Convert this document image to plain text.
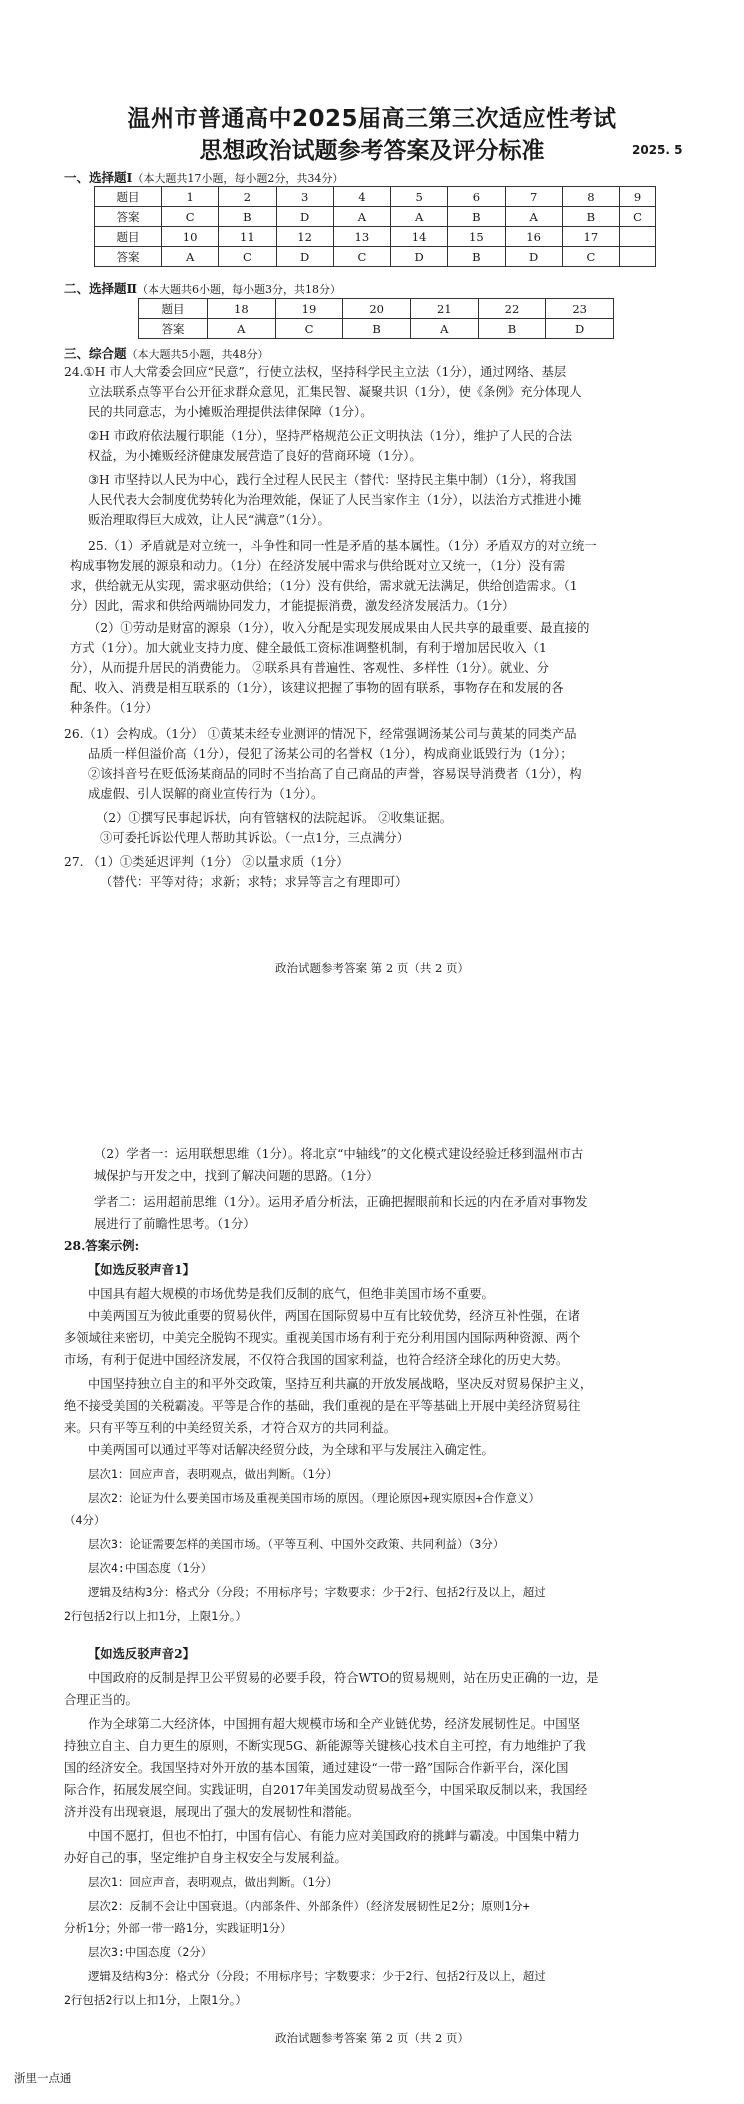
温州市普通高中2025届高三第三次适应性考试
思想政治试题参考答案及评分标准	2025. 5
一、选择题Ⅰ（本大题共17小题，每小题2分，共34分）
题目	1	2	3	4	5	6	7	8	9
答案	C	B	D	A	A	B	A	B	C
题目	10	11	12	13	14	15	16	17	
答案	A	C	D	C	D	B	D	C	
二、选择题Ⅱ（本大题共6小题，每小题3分，共18分）
题目	18	19	20	21	22	23
答案	A	C	B	A	B	D
三、综合题（本大题共5小题，共48分）
24.①H 市人大常委会回应“民意”，行使立法权，坚持科学民主立法（1分），通过网络、基层
立法联系点等平台公开征求群众意见，汇集民智、凝聚共识（1分），使《条例》充分体现人
民的共同意志，为小摊贩治理提供法律保障（1分）。
②H 市政府依法履行职能（1分），坚持严格规范公正文明执法（1分），维护了人民的合法
权益，为小摊贩经济健康发展营造了良好的营商环境（1分）。
③H 市坚持以人民为中心，践行全过程人民民主（替代：坚持民主集中制）（1分），将我国
人民代表大会制度优势转化为治理效能，保证了人民当家作主（1分），以法治方式推进小摊
贩治理取得巨大成效，让人民“满意”（1分）。
25.（1）矛盾就是对立统一，斗争性和同一性是矛盾的基本属性。（1分）矛盾双方的对立统一
构成事物发展的源泉和动力。（1分）在经济发展中需求与供给既对立又统一，（1分）没有需
求，供给就无从实现，需求驱动供给；（1分）没有供给，需求就无法满足，供给创造需求。（1
分）因此，需求和供给两端协同发力，才能提振消费，激发经济发展活力。（1分）
（2）①劳动是财富的源泉（1分），收入分配是实现发展成果由人民共享的最重要、最直接的
方式（1分）。加大就业支持力度、健全最低工资标准调整机制，有利于增加居民收入（1
分），从而提升居民的消费能力。 ②联系具有普遍性、客观性、多样性（1分）。就业、分
配、收入、消费是相互联系的（1分），该建议把握了事物的固有联系，事物存在和发展的各
种条件。（1分）
26.（1）会构成。（1分） ①黄某未经专业测评的情况下，经常强调汤某公司与黄某的同类产品
品质一样但溢价高（1分），侵犯了汤某公司的名誉权（1分），构成商业诋毁行为（1分）；
②该抖音号在贬低汤某商品的同时不当抬高了自己商品的声誉，容易误导消费者（1分），构
成虚假、引人误解的商业宣传行为（1分）。
（2）①撰写民事起诉状，向有管辖权的法院起诉。 ②收集证据。
③可委托诉讼代理人帮助其诉讼。（一点1分，三点满分）
27. （1）①类延迟评判（1分） ②以量求质（1分）
（替代：平等对待；求新；求特；求异等言之有理即可）
政治试题参考答案 第 2 页（共 2 页）
（2）学者一：运用联想思维（1分）。将北京“中轴线”的文化模式建设经验迁移到温州市古
城保护与开发之中，找到了解决问题的思路。（1分）
学者二：运用超前思维（1分）。运用矛盾分析法，正确把握眼前和长远的内在矛盾对事物发
展进行了前瞻性思考。（1分）
28.答案示例:
【如选反驳声音1】
中国具有超大规模的市场优势是我们反制的底气，但绝非美国市场不重要。
中美两国互为彼此重要的贸易伙伴，两国在国际贸易中互有比较优势，经济互补性强，在诸
多领域往来密切，中美完全脱钩不现实。重视美国市场有利于充分利用国内国际两种资源、两个
市场，有利于促进中国经济发展，不仅符合我国的国家利益，也符合经济全球化的历史大势。
中国坚持独立自主的和平外交政策，坚持互利共赢的开放发展战略，坚决反对贸易保护主义，
绝不接受美国的关税霸凌。平等是合作的基础，我们重视的是在平等基础上开展中美经济贸易往
来。只有平等互利的中美经贸关系，才符合双方的共同利益。
中美两国可以通过平等对话解决经贸分歧，为全球和平与发展注入确定性。
层次1：回应声音，表明观点，做出判断。（1分）
层次2：论证为什么要美国市场及重视美国市场的原因。（理论原因+现实原因+合作意义）
（4分）
层次3：论证需要怎样的美国市场。（平等互利、中国外交政策、共同利益）（3分）
层次4:中国态度（1分）
逻辑及结构3分：格式分（分段；不用标序号；字数要求：少于2行、包括2行及以上，超过
2行包括2行以上扣1分，上限1分。）
【如选反驳声音2】
中国政府的反制是捍卫公平贸易的必要手段，符合WTO的贸易规则，站在历史正确的一边，是
合理正当的。
作为全球第二大经济体，中国拥有超大规模市场和全产业链优势，经济发展韧性足。中国坚
持独立自主、自力更生的原则，不断实现5G、新能源等关键核心技术自主可控，有力地维护了我
国的经济安全。我国坚持对外开放的基本国策，通过建设“一带一路”国际合作新平台，深化国
际合作，拓展发展空间。实践证明，自2017年美国发动贸易战至今，中国采取反制以来，我国经
济并没有出现衰退，展现出了强大的发展韧性和潜能。
中国不愿打，但也不怕打，中国有信心、有能力应对美国政府的挑衅与霸凌。中国集中精力
办好自己的事，坚定维护自身主权安全与发展利益。
层次1：回应声音，表明观点，做出判断。（1分）
层次2：反制不会让中国衰退。（内部条件、外部条件）（经济发展韧性足2分；原则1分+
分析1分；外部一带一路1分，实践证明1分）
层次3:中国态度（2分）
逻辑及结构3分：格式分（分段；不用标序号；字数要求：少于2行、包括2行及以上，超过
2行包括2行以上扣1分，上限1分。）
政治试题参考答案 第 2 页（共 2 页）
浙里一点通
